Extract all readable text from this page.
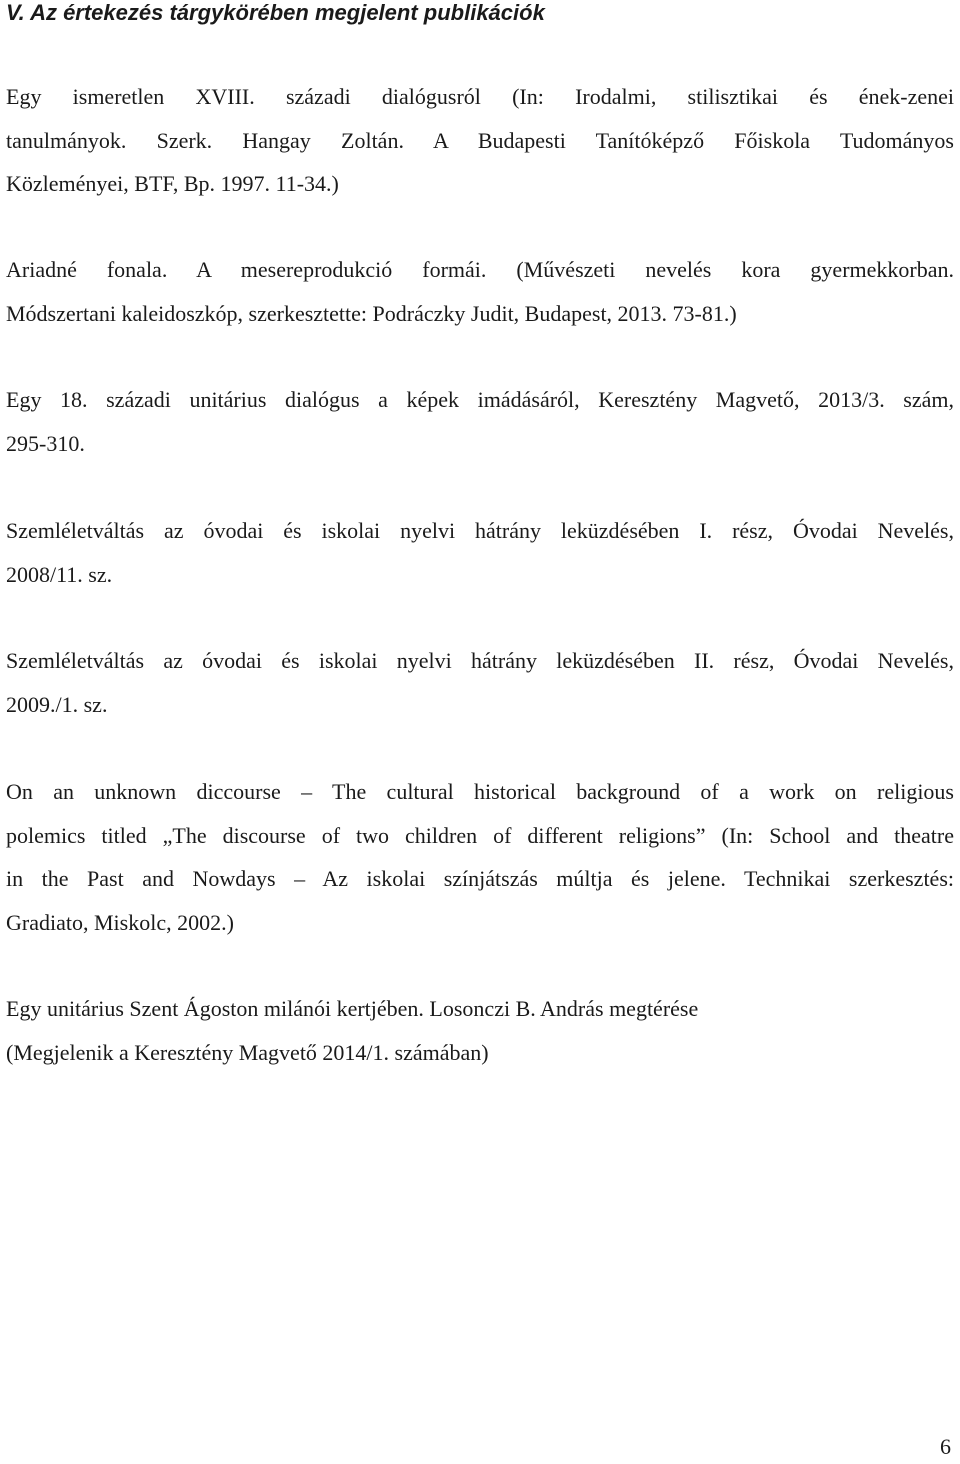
V. Az értekezés tárgykörében megjelent publikációk

Egy ismeretlen XVIII. századi dialógusról (In: Irodalmi, stilisztikai és ének-zenei
tanulmányok. Szerk. Hangay Zoltán. A Budapesti Tanítóképző Főiskola Tudományos
Közleményei, BTF, Bp. 1997. 11-34.)

Ariadné fonala. A mesereprodukció formái. (Művészeti nevelés kora gyermekkorban.
Módszertani kaleidoszkóp, szerkesztette: Podráczky Judit, Budapest, 2013. 73-81.)

Egy 18. századi unitárius dialógus a képek imádásáról, Keresztény Magvető, 2013/3. szám,
295-310.

Szemléletváltás az óvodai és iskolai nyelvi hátrány leküzdésében I. rész, Óvodai Nevelés,
2008/11. sz.

Szemléletváltás az óvodai és iskolai nyelvi hátrány leküzdésében II. rész, Óvodai Nevelés,
2009./1. sz.

On an unknown diccourse – The cultural historical background of a work on religious
polemics titled „The discourse of two children of different religions” (In: School and theatre
in the Past and Nowdays – Az iskolai színjátszás múltja és jelene. Technikai szerkesztés:
Gradiato, Miskolc, 2002.)

Egy unitárius Szent Ágoston milánói kertjében. Losonczi B. András megtérése
(Megjelenik a Keresztény Magvető 2014/1. számában)

6
